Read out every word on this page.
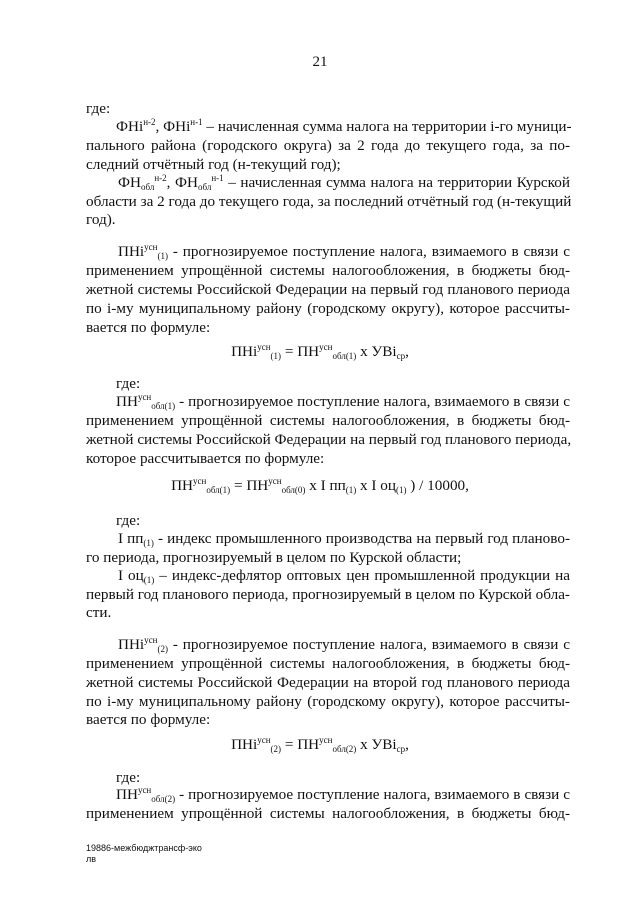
21
где:
ФНi$^{н-2}$, ФНi$^{н-1}$ – начисленная сумма налога на территории i-го муници-
пального района (городского округа) за 2 года до текущего года, за по-
следний отчётный год (н-текущий год);
$ФН_{обл}^{н-2}$, $ФН_{обл}^{н-1}$ – начисленная сумма налога на территории Курской
области за 2 года до текущего года, за последний отчётный год (н-текущий
год).
ПНi$^{усн}_{(1)}$ - прогнозируемое поступление налога, взимаемого в связи с
применением упрощённой системы налогообложения, в бюджеты бюд-
жетной системы Российской Федерации на первый год планового периода
по i-му муниципальному району (городскому округу), которое рассчиты-
вается по формуле:
$ПНi^{усн}_{(1)} = ПН^{усн}_{обл(1)}$ х УВi$_{ср}$,
где:
$ПН^{усн}_{обл(1)}$ - прогнозируемое поступление налога, взимаемого в связи с
применением упрощённой системы налогообложения, в бюджеты бюд-
жетной системы Российской Федерации на первый год планового периода,
которое рассчитывается по формуле:
$ПН^{усн}_{обл(1)} = ПН^{усн}_{обл(0)}$ х I $пп_{(1)}$ х I $оц_{(1)}$ ) / 10000,
где:
I $пп_{(1)}$ - индекс промышленного производства на первый год планово-
го периода, прогнозируемый в целом по Курской области;
I $оц_{(1)}$ – индекс-дефлятор оптовых цен промышленной продукции на
первый год планового периода, прогнозируемый в целом по Курской обла-
сти.
ПНi$^{усн}_{(2)}$ - прогнозируемое поступление налога, взимаемого в связи с
применением упрощённой системы налогообложения, в бюджеты бюд-
жетной системы Российской Федерации на второй год планового периода
по i-му муниципальному району (городскому округу), которое рассчиты-
вается по формуле:
$ПНi^{усн}_{(2)} = ПН^{усн}_{обл(2)}$ х УВi$_{ср}$,
где:
$ПН^{усн}_{обл(2)}$ - прогнозируемое поступление налога, взимаемого в связи с
применением упрощённой системы налогообложения, в бюджеты бюд-
19886-межбюджтрансф-эко
лв
